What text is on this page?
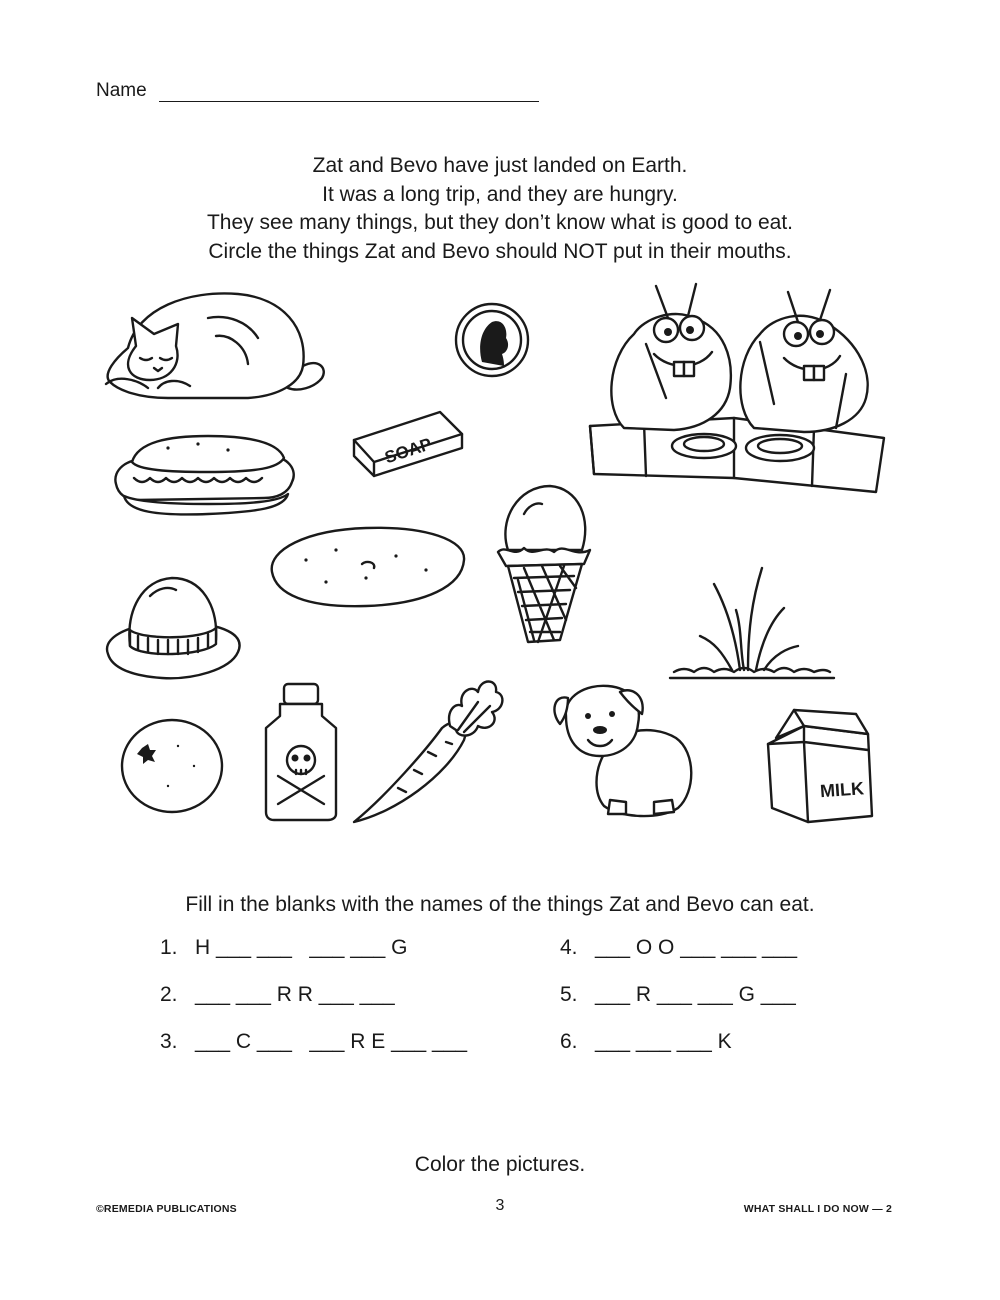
Name
Zat and Bevo have just landed on Earth.
It was a long trip, and they are hungry.
They see many things, but they don’t know what is good to eat.
Circle the things Zat and Bevo should NOT put in their mouths.
SOAP
MILK
Fill in the blanks with the names of the things Zat and Bevo can eat.
1.   H ___ ___   ___ ___ G
2.   ___ ___ R R ___ ___
3.   ___ C ___   ___ R E ___ ___
4.   ___ O O ___ ___ ___
5.   ___ R ___ ___ G ___
6.   ___ ___ ___ K
Color the pictures.
©REMEDIA PUBLICATIONS	3	WHAT SHALL I DO NOW — 2
